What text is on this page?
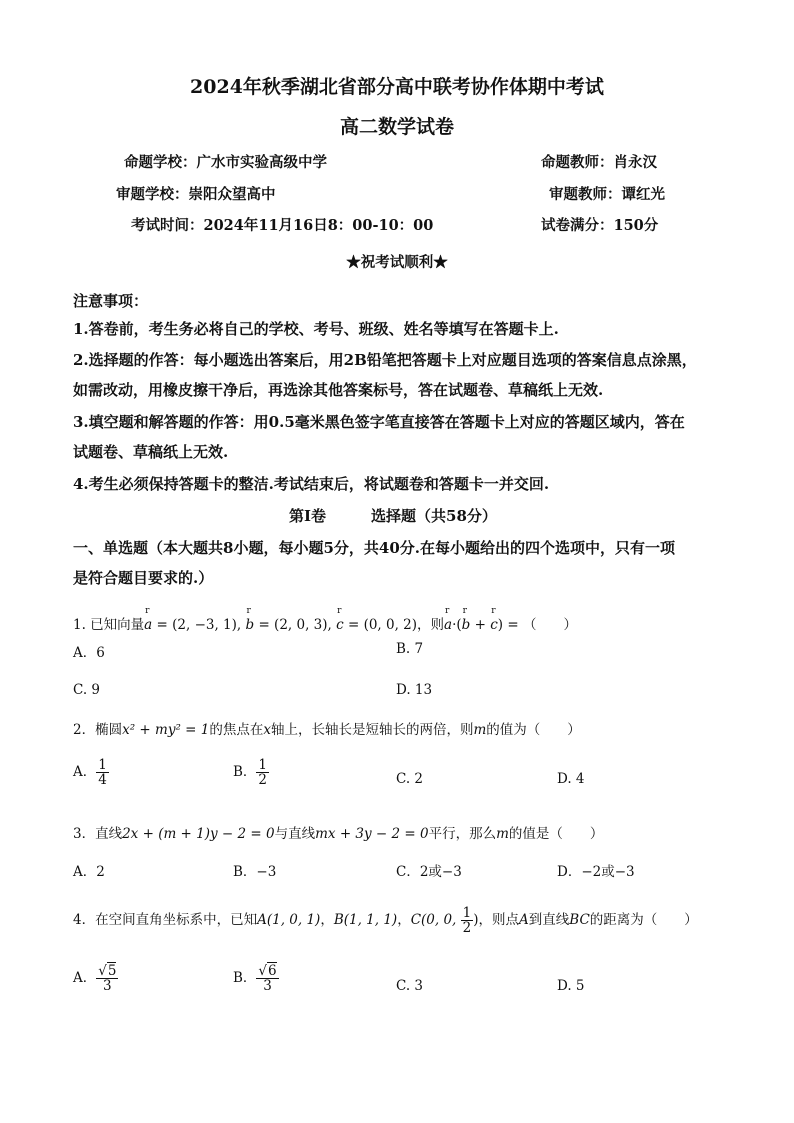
2024年秋季湖北省部分高中联考协作体期中考试
高二数学试卷
命题学校：广水市实验高级中学	命题教师：肖永汉
审题学校：崇阳众望高中	审题教师：谭红光
考试时间：2024年11月16日8：00-10：00	试卷满分：150分
★祝考试顺利★
注意事项：
1.答卷前，考生务必将自己的学校、考号、班级、姓名等填写在答题卡上.
2.选择题的作答：每小题选出答案后，用2B铅笔把答题卡上对应题目选项的答案信息点涂黑，
如需改动，用橡皮擦干净后，再选涂其他答案标号，答在试题卷、草稿纸上无效.
3.填空题和解答题的作答：用0.5毫米黑色签字笔直接答在答题卡上对应的答题区域内，答在
试题卷、草稿纸上无效.
4.考生必须保持答题卡的整洁.考试结束后，将试题卷和答题卡一并交回.
第Ⅰ卷	选择题（共58分）
一、单选题（本大题共8小题，每小题5分，共40分.在每小题给出的四个选项中，只有一项
是符合题目要求的.）
1. 已知向量r a = (2, −3, 1), r b = (2, 0, 3), r c = (0, 0, 2)，则r a·(r b + r c) = （　　）
A．6	B. 7
C. 9	D. 13
2．椭圆x² + my² = 1的焦点在x轴上，长轴长是短轴长的两倍，则m的值为（　　）
A． $\frac{1}{4}$	B． $\frac{1}{2}$	C. 2	D. 4
3．直线2x + (m + 1)y − 2 = 0与直线mx + 3y − 2 = 0平行，那么m的值是（　　）
A．2	B．−3	C．2或−3	D．−2或−3
4．在空间直角坐标系中，已知A(1, 0, 1)，B(1, 1, 1)，C(0, 0, $\frac{1}{2}$ )，则点A到直线BC的距离为（　　）
A． $\frac{√5}{3}$	B． $\frac{√6}{3}$	C. 3	D. 5
